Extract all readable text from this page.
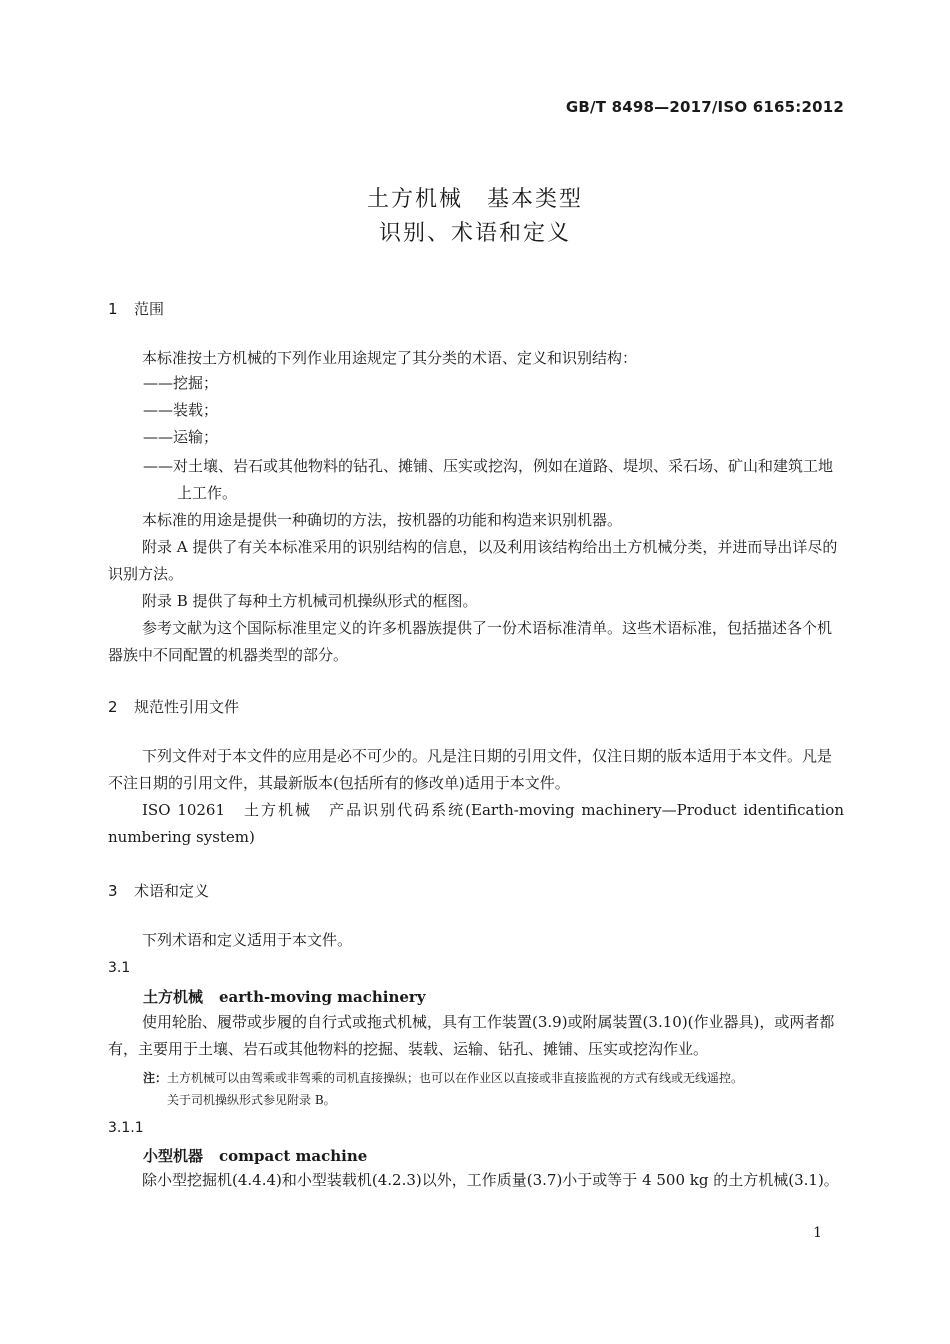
GB/T 8498—2017/ISO 6165:2012
土方机械　基本类型
识别、术语和定义
1 范围
本标准按土方机械的下列作业用途规定了其分类的术语、定义和识别结构：
——挖掘；
——装载；
——运输；
——对土壤、岩石或其他物料的钻孔、摊铺、压实或挖沟，例如在道路、堤坝、采石场、矿山和建筑工地上工作。
本标准的用途是提供一种确切的方法，按机器的功能和构造来识别机器。
附录 A 提供了有关本标准采用的识别结构的信息，以及利用该结构给出土方机械分类，并进而导出详尽的识别方法。
附录 B 提供了每种土方机械司机操纵形式的框图。
参考文献为这个国际标准里定义的许多机器族提供了一份术语标准清单。这些术语标准，包括描述各个机器族中不同配置的机器类型的部分。
2 规范性引用文件
下列文件对于本文件的应用是必不可少的。凡是注日期的引用文件，仅注日期的版本适用于本文件。凡是不注日期的引用文件，其最新版本(包括所有的修改单)适用于本文件。
ISO 10261　土方机械　产品识别代码系统(Earth-moving machinery—Product identification
numbering system)
3 术语和定义
下列术语和定义适用于本文件。
3.1
土方机械 earth-moving machinery
使用轮胎、履带或步履的自行式或拖式机械，具有工作装置(3.9)或附属装置(3.10)(作业器具)，或两者都有，主要用于土壤、岩石或其他物料的挖掘、装载、运输、钻孔、摊铺、压实或挖沟作业。
注：土方机械可以由驾乘或非驾乘的司机直接操纵；也可以在作业区以直接或非直接监视的方式有线或无线遥控。
关于司机操纵形式参见附录 B。
3.1.1
小型机器 compact machine
除小型挖掘机(4.4.4)和小型装载机(4.2.3)以外，工作质量(3.7)小于或等于 4 500 kg 的土方机械(3.1)。
1
